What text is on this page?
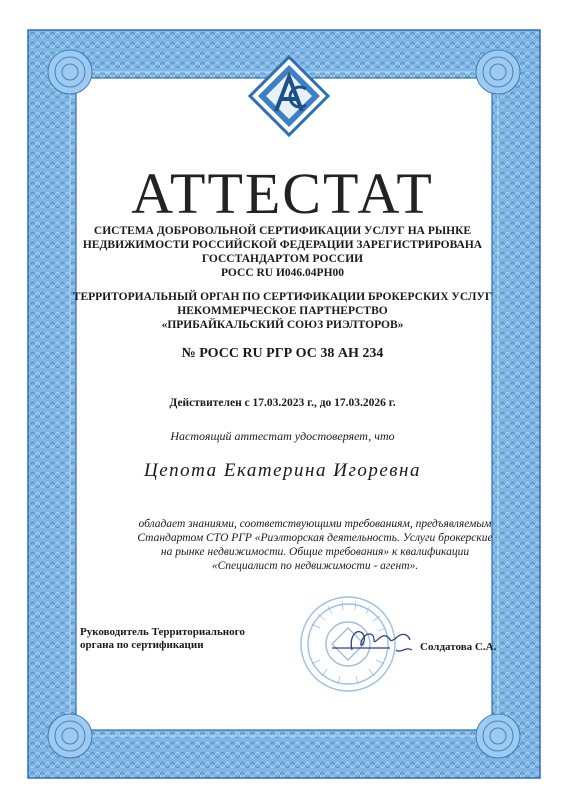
АТТЕСТАТ
СИСТЕМА ДОБРОВОЛЬНОЙ СЕРТИФИКАЦИИ УСЛУГ НА РЫНКЕ
НЕДВИЖИМОСТИ РОССИЙСКОЙ ФЕДЕРАЦИИ ЗАРЕГИСТРИРОВАНА
ГОССТАНДАРТОМ РОССИИ
РОСС RU И046.04РН00
ТЕРРИТОРИАЛЬНЫЙ ОРГАН ПО СЕРТИФИКАЦИИ БРОКЕРСКИХ УСЛУГ
НЕКОММЕРЧЕСКОЕ ПАРТНЕРСТВО
«ПРИБАЙКАЛЬСКИЙ СОЮЗ РИЭЛТОРОВ»
№ РОСС RU РГР ОС 38 АН 234
Действителен с 17.03.2023 г., до 17.03.2026 г.
Настоящий аттестат удостоверяет, что
Цепота Екатерина Игоревна
обладает знаниями, соответствующими требованиям, предъявляемым
Стандартом СТО РГР «Риэлторская деятельность. Услуги брокерские
на рынке недвижимости. Общие требования» к квалификации
«Специалист по недвижимости - агент».
Руководитель Территориального
органа по сертификации	Солдатова С.А.
